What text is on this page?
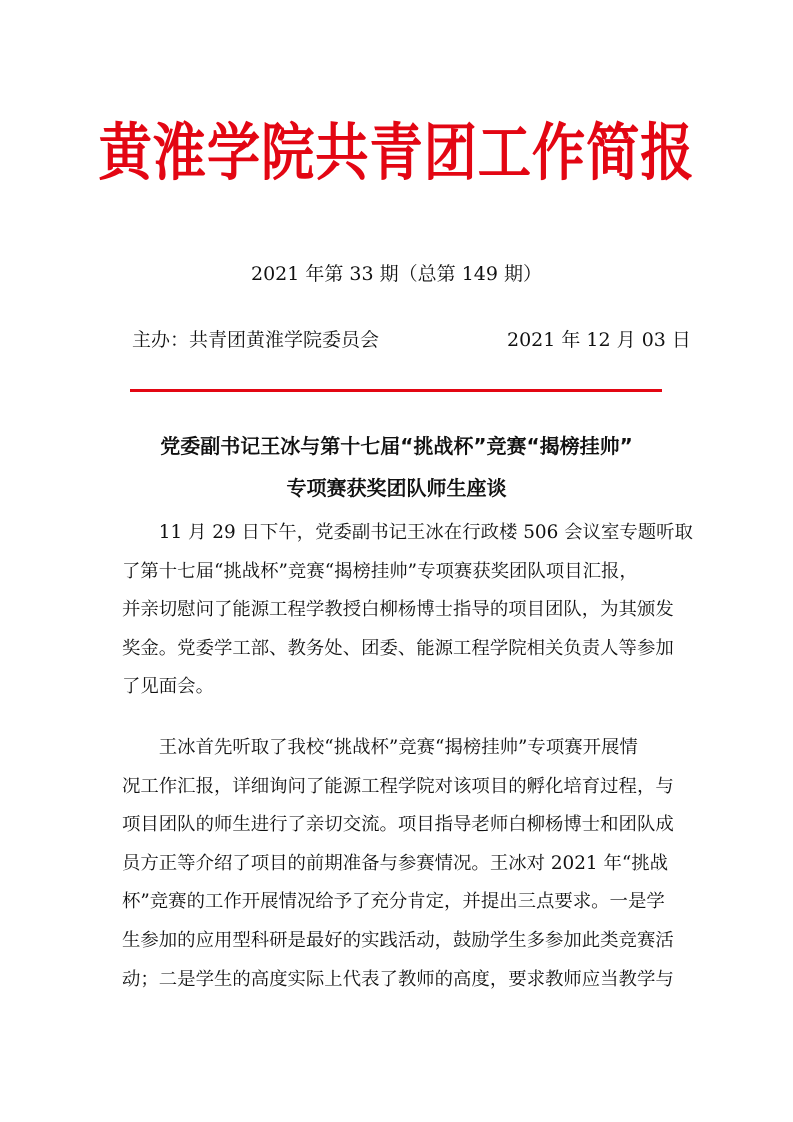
黄淮学院共青团工作简报
2021 年第 33 期（总第 149 期）
主办：共青团黄淮学院委员会	2021 年 12 月 03 日
党委副书记王冰与第十七届“挑战杯”竞赛“揭榜挂帅”
专项赛获奖团队师生座谈

　　11 月 29 日下午，党委副书记王冰在行政楼 506 会议室专题听取
了第十七届“挑战杯”竞赛“揭榜挂帅”专项赛获奖团队项目汇报，
并亲切慰问了能源工程学教授白柳杨博士指导的项目团队，为其颁发
奖金。党委学工部、教务处、团委、能源工程学院相关负责人等参加
了见面会。

　　王冰首先听取了我校“挑战杯”竞赛“揭榜挂帅”专项赛开展情
况工作汇报，详细询问了能源工程学院对该项目的孵化培育过程，与
项目团队的师生进行了亲切交流。项目指导老师白柳杨博士和团队成
员方正等介绍了项目的前期准备与参赛情况。王冰对 2021 年“挑战
杯”竞赛的工作开展情况给予了充分肯定，并提出三点要求。一是学
生参加的应用型科研是最好的实践活动，鼓励学生多参加此类竞赛活
动；二是学生的高度实际上代表了教师的高度，要求教师应当教学与
